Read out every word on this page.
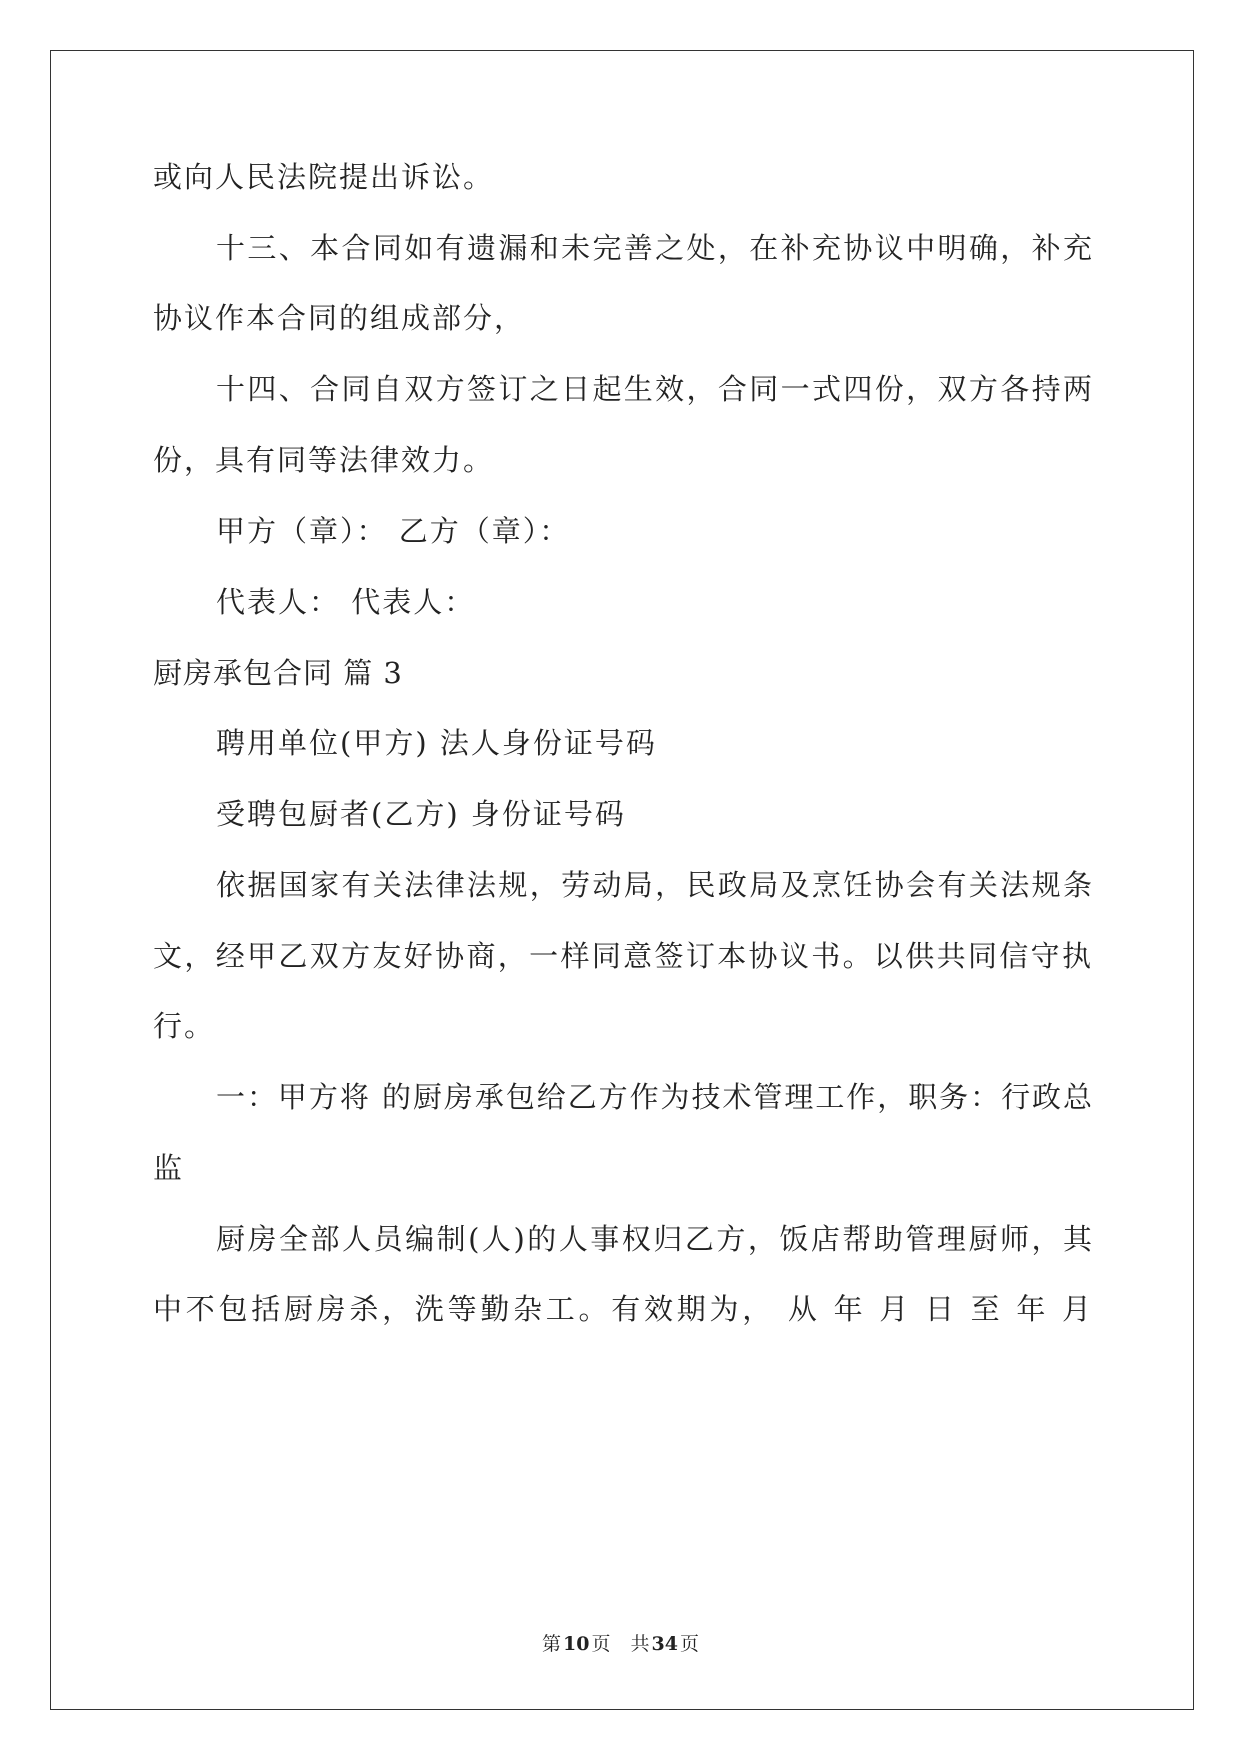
或向人民法院提出诉讼。
十三、本合同如有遗漏和未完善之处，在补充协议中明确，补充
协议作本合同的组成部分，
十四、合同自双方签订之日起生效，合同一式四份，双方各持两
份，具有同等法律效力。
甲方（章）： 乙方（章）：
代表人： 代表人：
厨房承包合同 篇 3
聘用单位(甲方) 法人身份证号码
受聘包厨者(乙方) 身份证号码
依据国家有关法律法规，劳动局，民政局及烹饪协会有关法规条
文，经甲乙双方友好协商，一样同意签订本协议书。以供共同信守执
行。
一：甲方将 的厨房承包给乙方作为技术管理工作，职务：行政总
监
厨房全部人员编制(人)的人事权归乙方，饭店帮助管理厨师，其
中不包括厨房杀，洗等勤杂工。有效期为， 从 年 月 日 至 年 月
第 10 页 共 34 页
